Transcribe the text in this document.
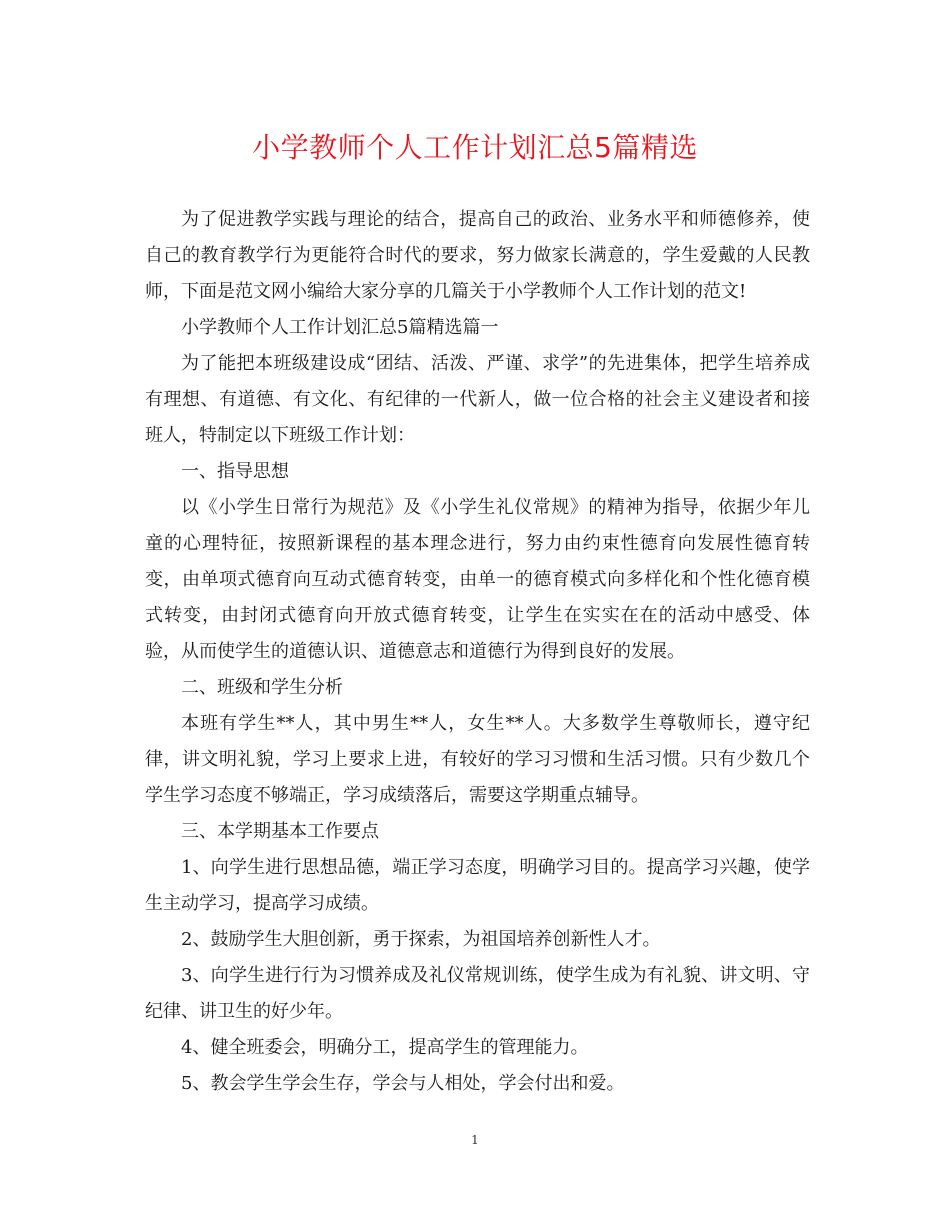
小学教师个人工作计划汇总5篇精选

为了促进教学实践与理论的结合，提高自己的政治、业务水平和师德修养，使自己的教育教学行为更能符合时代的要求，努力做家长满意的，学生爱戴的人民教师，下面是范文网小编给大家分享的几篇关于小学教师个人工作计划的范文!

小学教师个人工作计划汇总5篇精选篇一

为了能把本班级建设成“团结、活泼、严谨、求学”的先进集体，把学生培养成有理想、有道德、有文化、有纪律的一代新人，做一位合格的社会主义建设者和接班人，特制定以下班级工作计划：

一、指导思想

以《小学生日常行为规范》及《小学生礼仪常规》的精神为指导，依据少年儿童的心理特征，按照新课程的基本理念进行，努力由约束性德育向发展性德育转变，由单项式德育向互动式德育转变，由单一的德育模式向多样化和个性化德育模式转变，由封闭式德育向开放式德育转变，让学生在实实在在的活动中感受、体验，从而使学生的道德认识、道德意志和道德行为得到良好的发展。

二、班级和学生分析

本班有学生**人，其中男生**人，女生**人。大多数学生尊敬师长，遵守纪律，讲文明礼貌，学习上要求上进，有较好的学习习惯和生活习惯。只有少数几个学生学习态度不够端正，学习成绩落后，需要这学期重点辅导。

三、本学期基本工作要点

1、向学生进行思想品德，端正学习态度，明确学习目的。提高学习兴趣，使学生主动学习，提高学习成绩。

2、鼓励学生大胆创新，勇于探索，为祖国培养创新性人才。

3、向学生进行行为习惯养成及礼仪常规训练，使学生成为有礼貌、讲文明、守纪律、讲卫生的好少年。

4、健全班委会，明确分工，提高学生的管理能力。

5、教会学生学会生存，学会与人相处，学会付出和爱。

1
